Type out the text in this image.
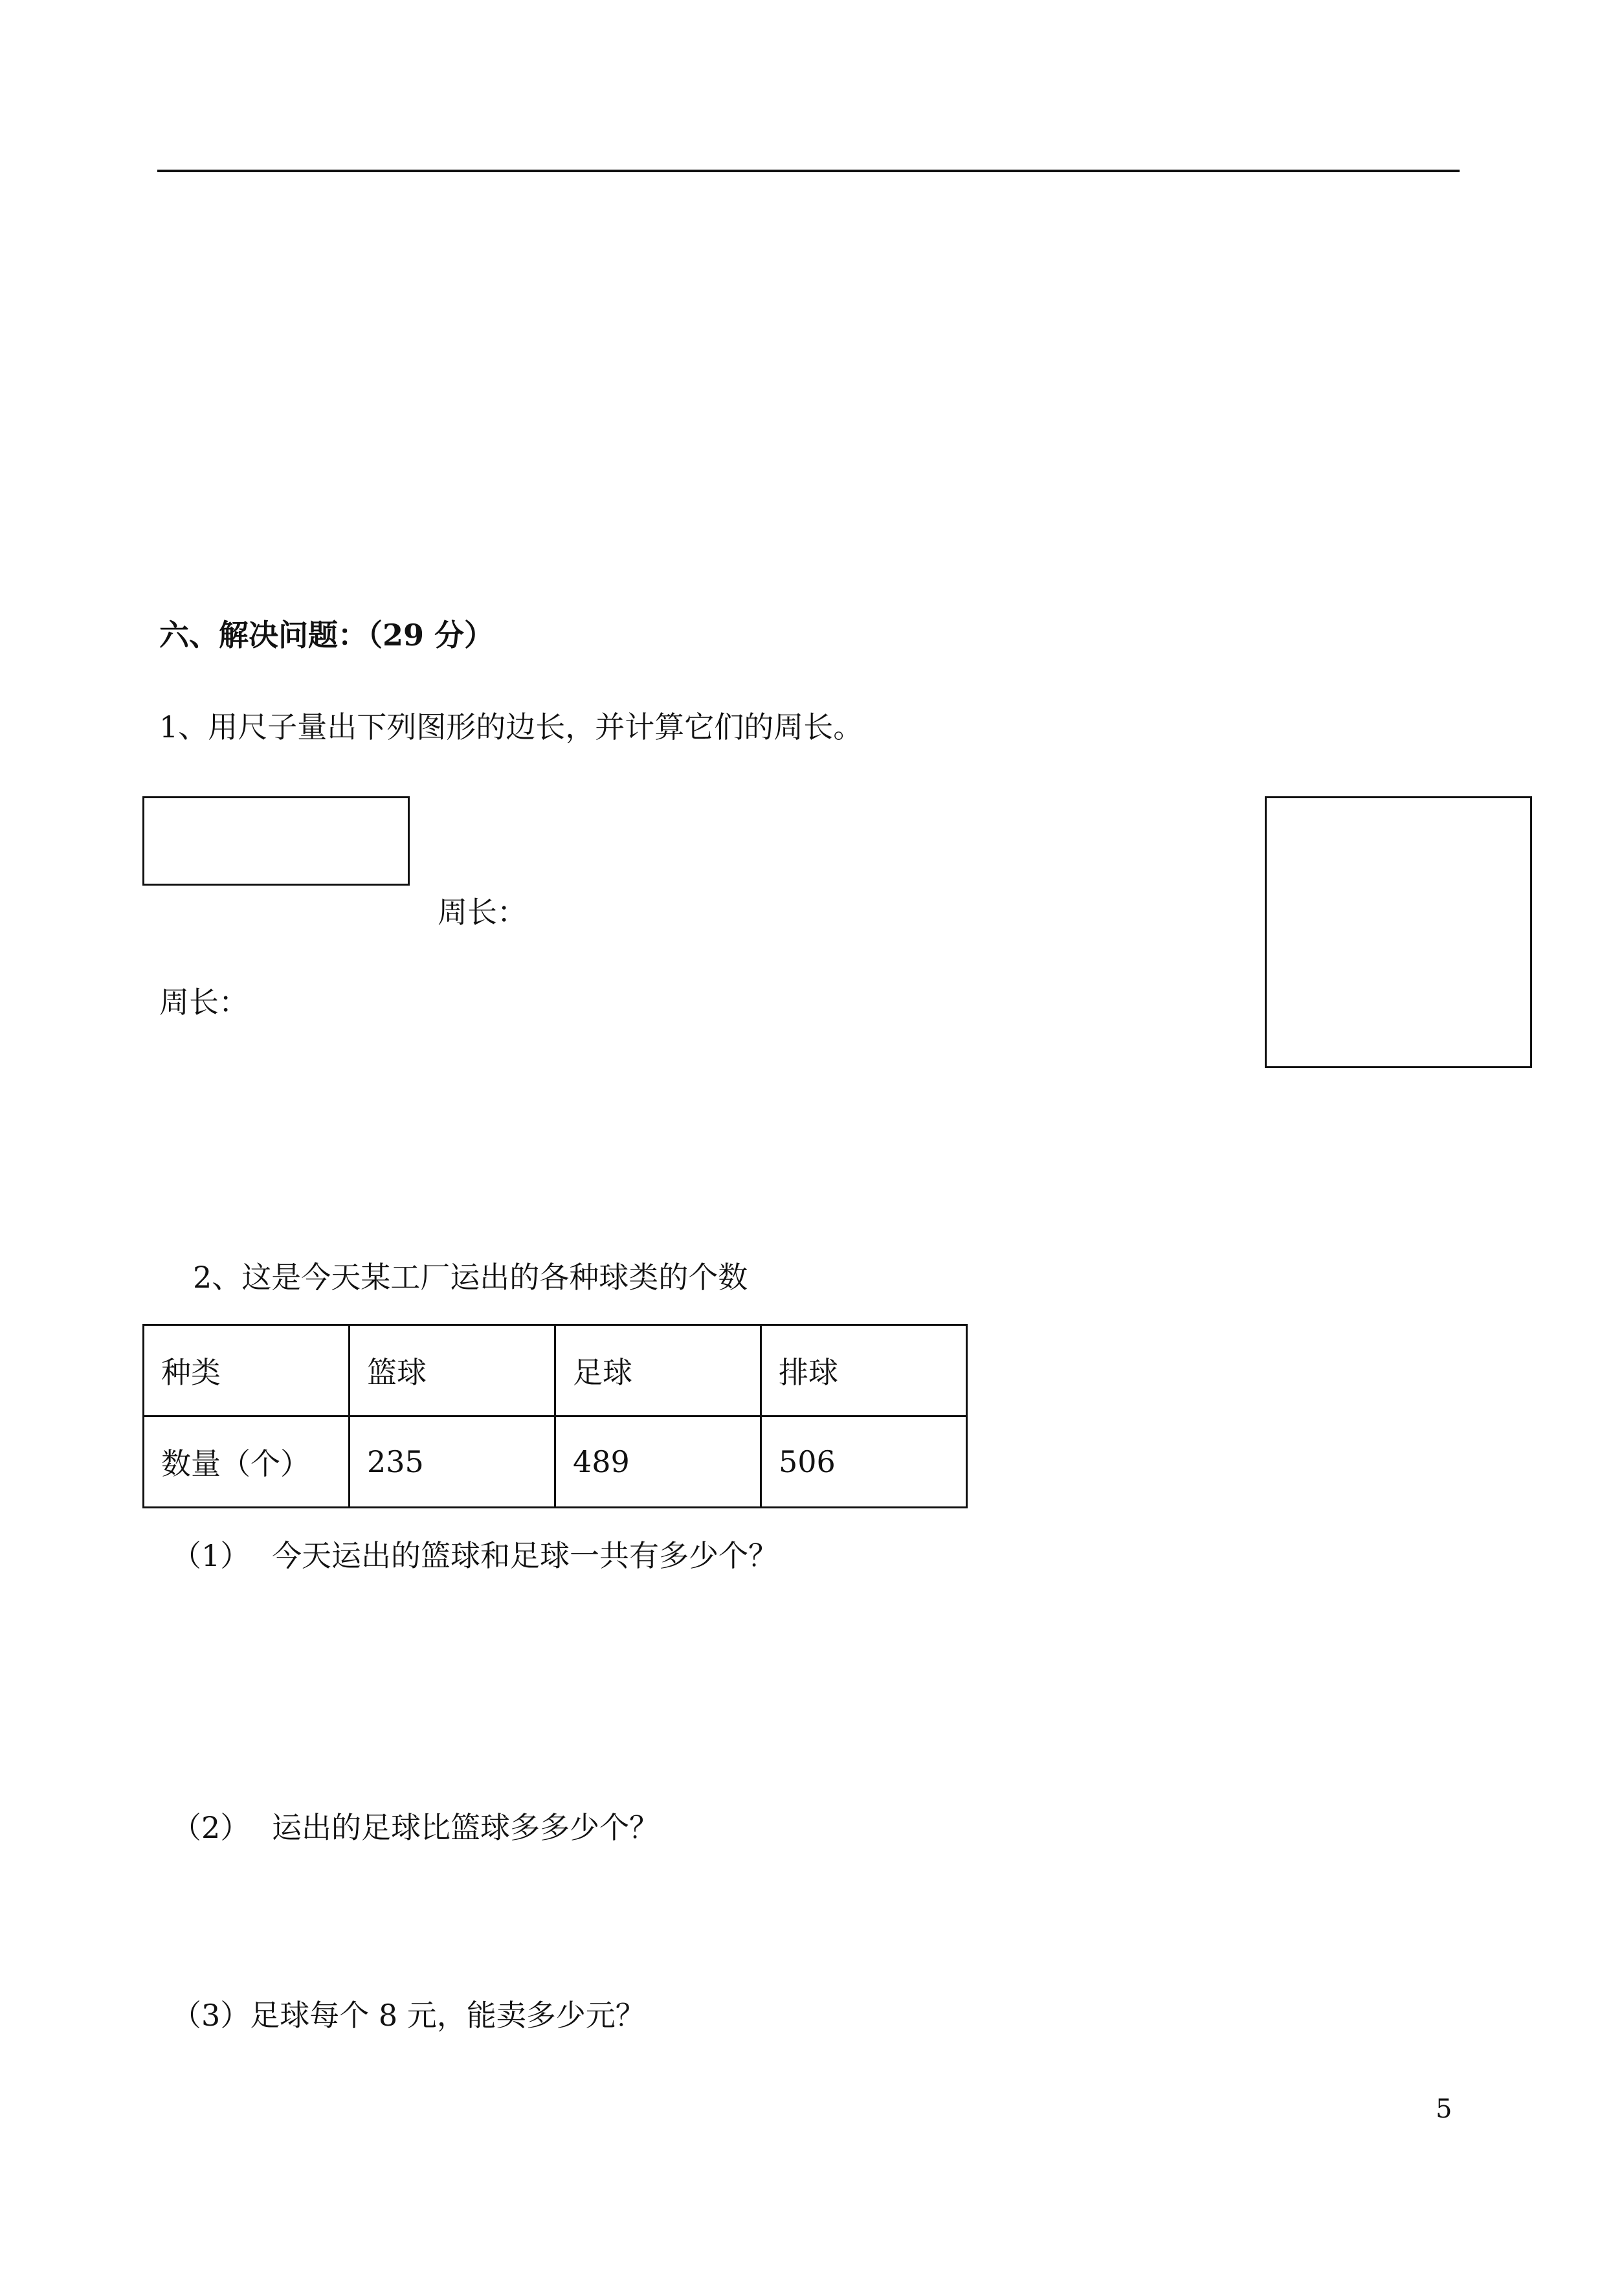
六、解决问题：（29 分）
1、用尺子量出下列图形的边长，并计算它们的周长。
周长：
周长：
2、这是今天某工厂运出的各种球类的个数
种类	篮球	足球	排球
数量（个）	235	489	506
（1） 今天运出的篮球和足球一共有多少个？
（2） 运出的足球比篮球多多少个？
（3）足球每个 8 元，能卖多少元？
5
